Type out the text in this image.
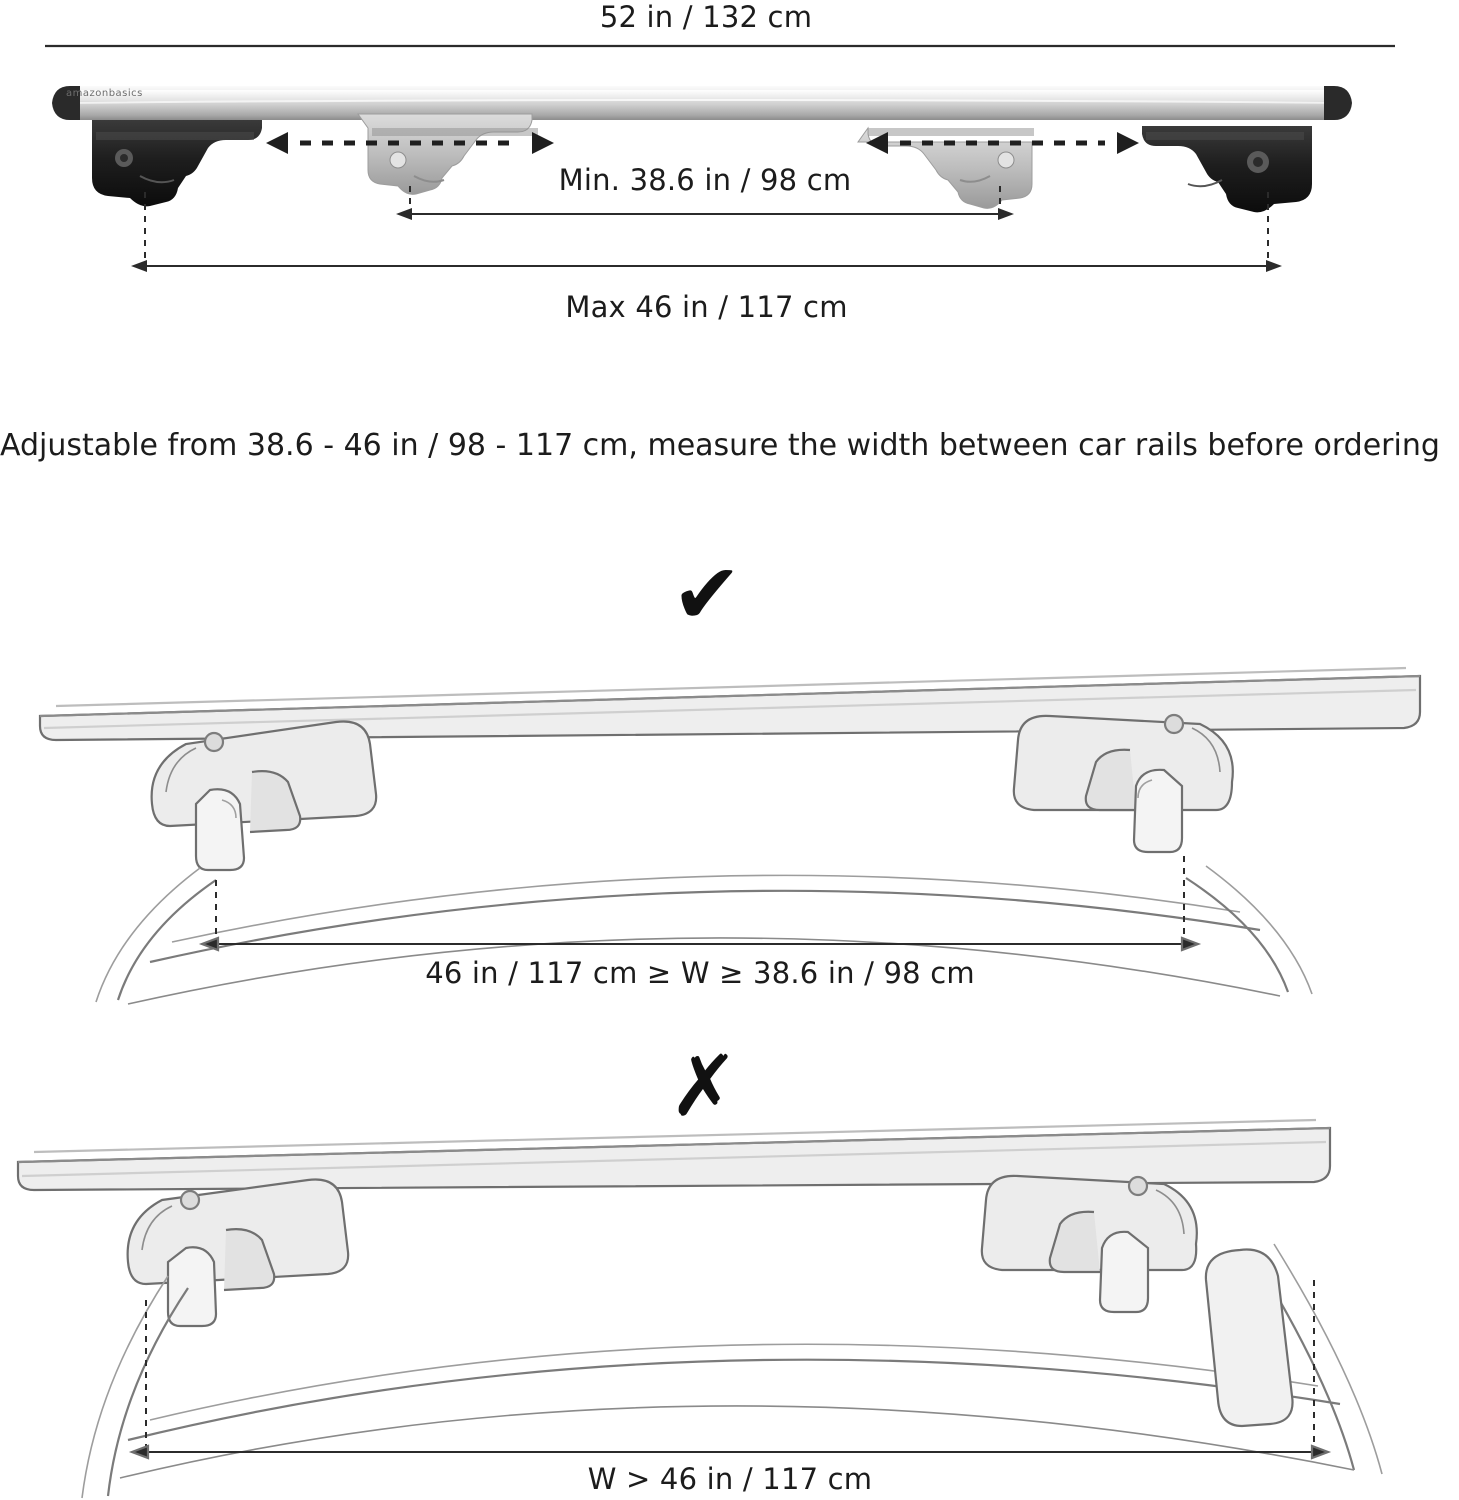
52 in / 132 cm
Min. 38.6 in / 98 cm
Max 46 in / 117 cm
Adjustable from 38.6 - 46 in / 98 - 117 cm, measure the width between car rails before ordering
✔
46 in / 117 cm ≥ W ≥ 38.6 in / 98 cm
✗
W > 46 in / 117 cm
amazonbasics
